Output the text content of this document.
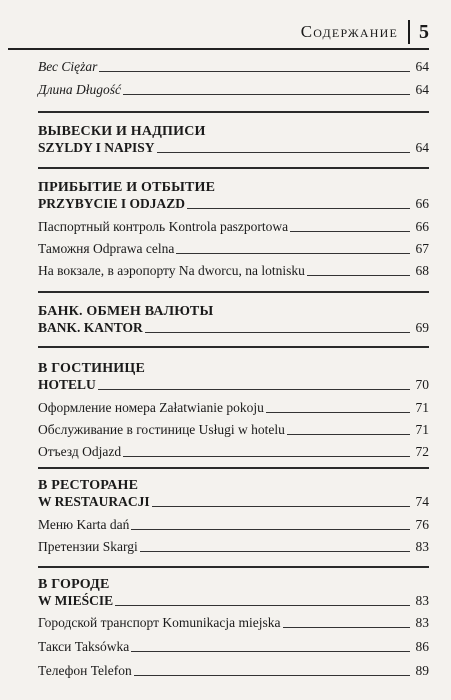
Содержание 5
Вес Ciężar	64
Длина Długość	64
ВЫВЕСКИ И НАДПИСИ
SZYLDY I NAPISY	64
ПРИБЫТИЕ И ОТБЫТИЕ
PRZYBYCIE I ODJAZD	66
Паспортный контроль Kontrola paszportowa	66
Таможня Odprawa celna	67
На вокзале, в аэропорту Na dworcu, na lotnisku	68
БАНК. ОБМЕН ВАЛЮТЫ
BANK. KANTOR	69
В ГОСТИНИЦЕ
HOTELU	70
Оформление номера Załatwianie pokoju	71
Обслуживание в гостинице Usługi w hotelu	71
Отъезд Odjazd	72
В РЕСТОРАНЕ
W RESTAURACJI	74
Меню Karta dań	76
Претензии Skargi	83
В ГОРОДЕ
W MIEŚCIE	83
Городской транспорт Komunikacja miejska	83
Такси Taksówka	86
Телефон Telefon	89
